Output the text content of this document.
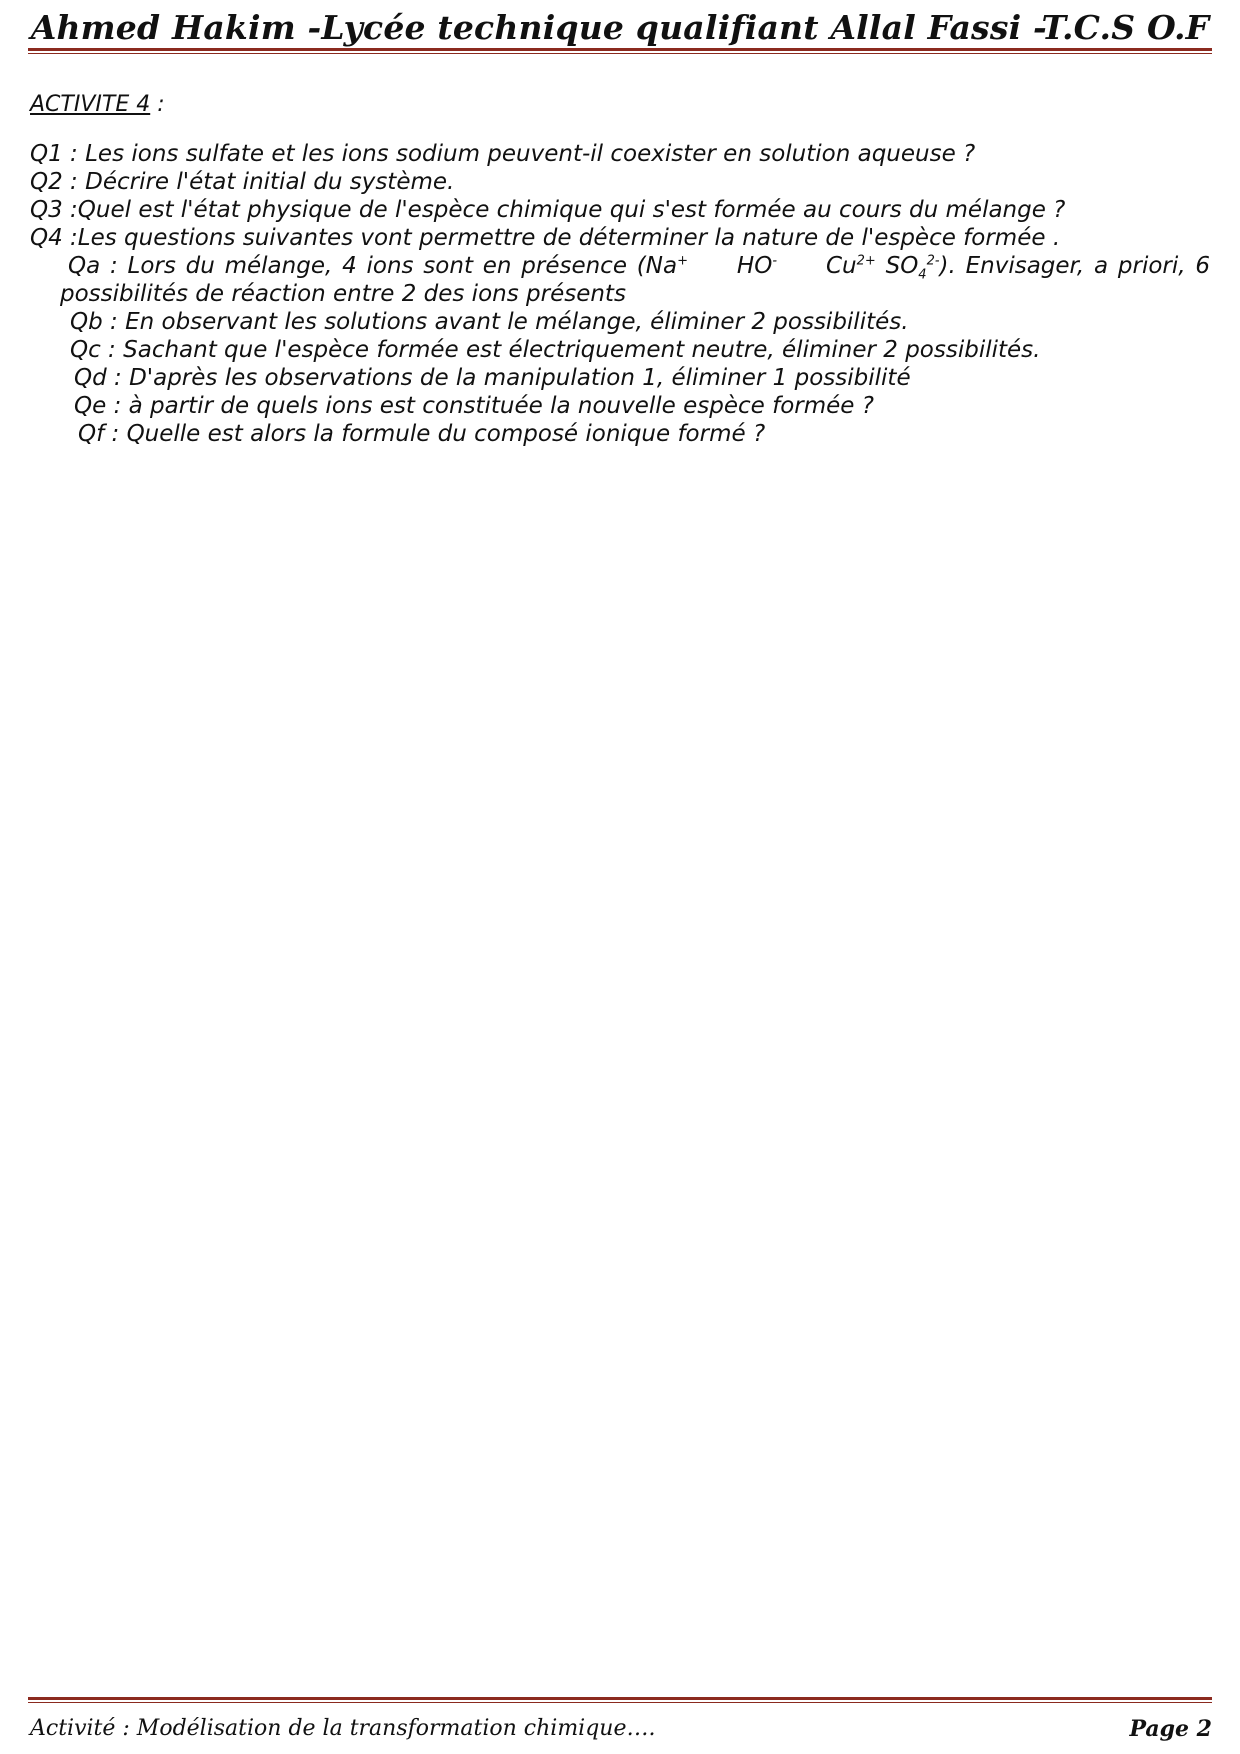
Ahmed Hakim -Lycée technique qualifiant Allal Fassi -T.C.S O.F
ACTIVITE 4 :
Q1 : Les ions sulfate et les ions sodium peuvent-il coexister en solution aqueuse ?
Q2 : Décrire l'état initial du système.
Q3 :Quel est l'état physique de l'espèce chimique qui s'est formée au cours du mélange ?
Q4 :Les questions suivantes vont permettre de déterminer la nature de l'espèce formée .
Qa : Lors du mélange, 4 ions sont en présence (Na+ HO- $Cu^{2+}$ $SO_4^{2-}$). Envisager, a priori, 6
possibilités de réaction entre 2 des ions présents
Qb : En observant les solutions avant le mélange, éliminer 2 possibilités.
Qc : Sachant que l'espèce formée est électriquement neutre, éliminer 2 possibilités.
Qd : D'après les observations de la manipulation 1, éliminer 1 possibilité
Qe : à partir de quels ions est constituée la nouvelle espèce formée ?
Qf : Quelle est alors la formule du composé ionique formé ?
Activité : Modélisation de la transformation chimique….	Page 2
